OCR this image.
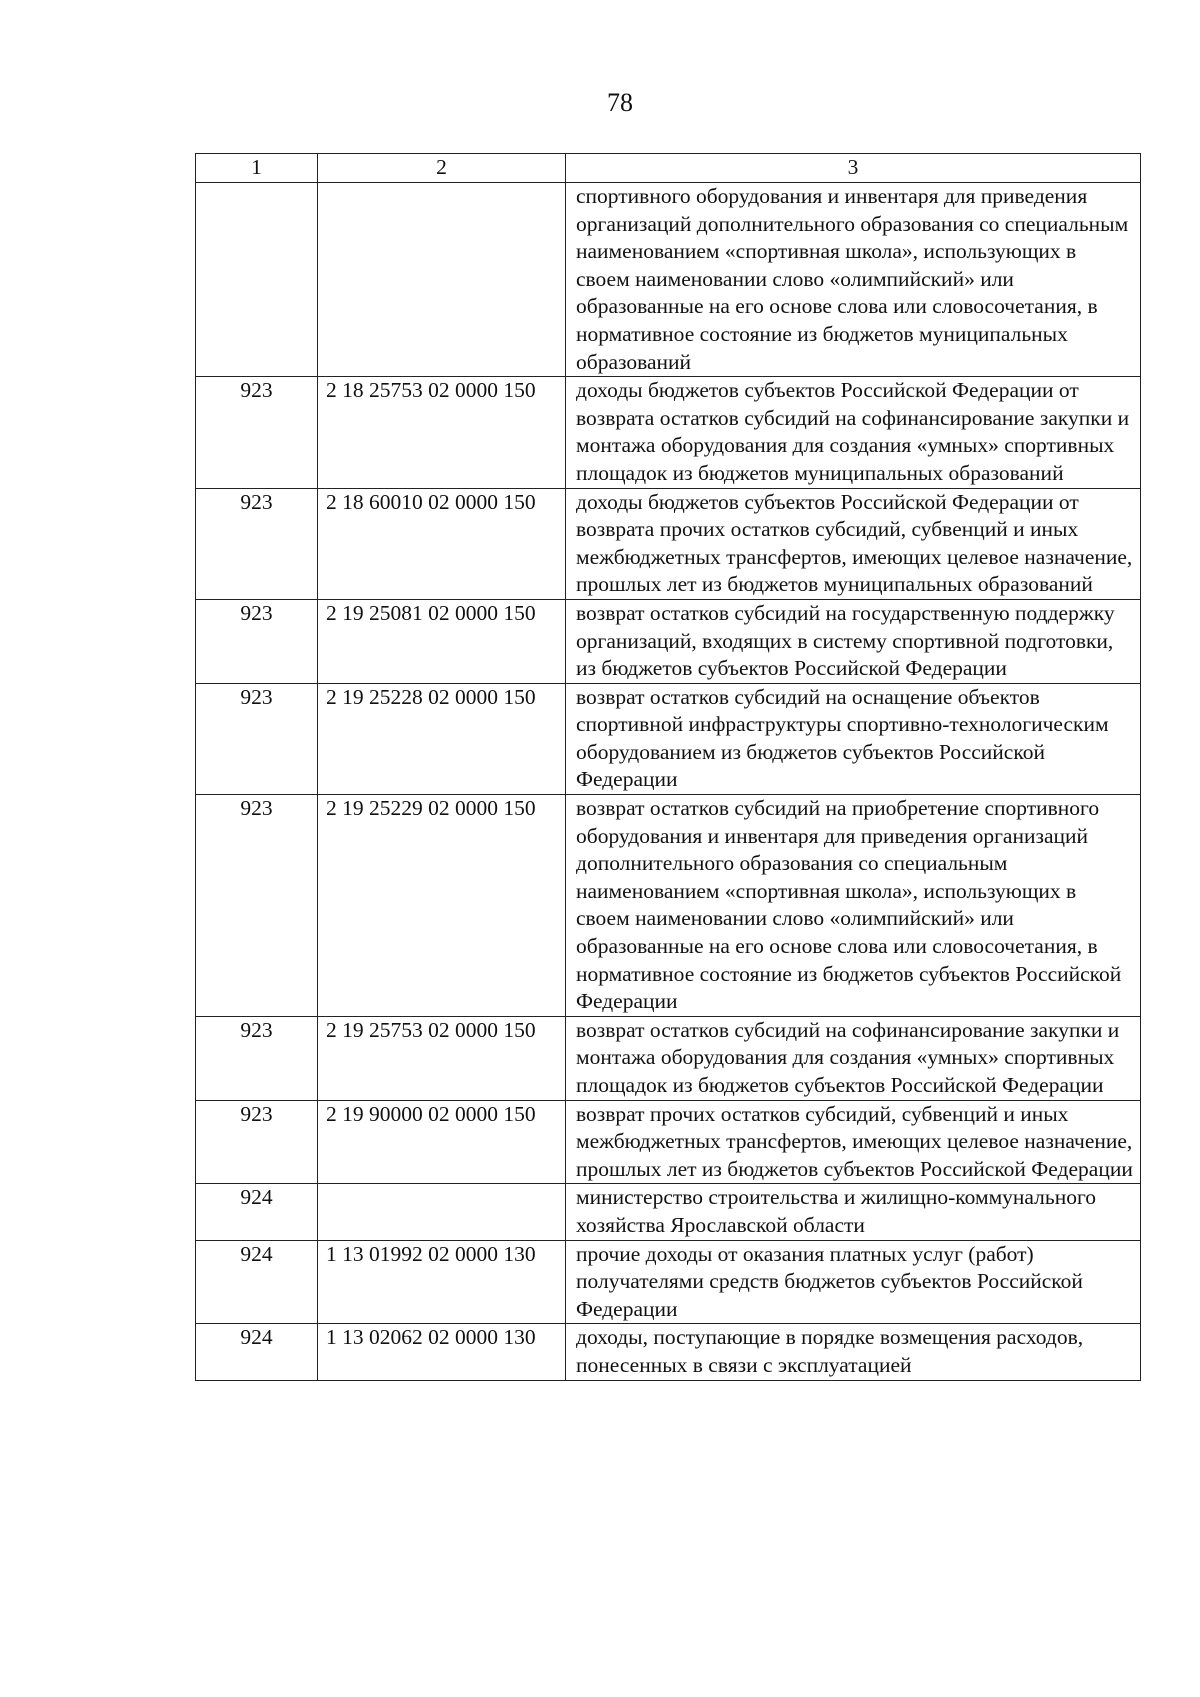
78
1	2	3
		спортивного оборудования и инвентаря для приведения организаций дополнительного образования со специальным наименованием «спортивная школа», использующих в своем наименовании слово «олимпийский» или образованные на его основе слова или словосочетания, в нормативное состояние из бюджетов муниципальных образований
923	2 18 25753 02 0000 150	доходы бюджетов субъектов Российской Федерации от возврата остатков субсидий на софинансирование закупки и монтажа оборудования для создания «умных» спортивных площадок из бюджетов муниципальных образований
923	2 18 60010 02 0000 150	доходы бюджетов субъектов Российской Федерации от возврата прочих остатков субсидий, субвенций и иных межбюджетных трансфертов, имеющих целевое назначение, прошлых лет из бюджетов муниципальных образований
923	2 19 25081 02 0000 150	возврат остатков субсидий на государственную поддержку организаций, входящих в систему спортивной подготовки, из бюджетов субъектов Российской Федерации
923	2 19 25228 02 0000 150	возврат остатков субсидий на оснащение объектов спортивной инфраструктуры спортивно-технологическим оборудованием из бюджетов субъектов Российской Федерации
923	2 19 25229 02 0000 150	возврат остатков субсидий на приобретение спортивного оборудования и инвентаря для приведения организаций дополнительного образования со специальным наименованием «спортивная школа», использующих в своем наименовании слово «олимпийский» или образованные на его основе слова или словосочетания, в нормативное состояние из бюджетов субъектов Российской Федерации
923	2 19 25753 02 0000 150	возврат остатков субсидий на софинансирование закупки и монтажа оборудования для создания «умных» спортивных площадок из бюджетов субъектов Российской Федерации
923	2 19 90000 02 0000 150	возврат прочих остатков субсидий, субвенций и иных межбюджетных трансфертов, имеющих целевое назначение, прошлых лет из бюджетов субъектов Российской Федерации
924		министерство строительства и жилищно-коммунального хозяйства Ярославской области
924	1 13 01992 02 0000 130	прочие доходы от оказания платных услуг (работ) получателями средств бюджетов субъектов Российской Федерации
924	1 13 02062 02 0000 130	доходы, поступающие в порядке возмещения расходов, понесенных в связи с эксплуатацией
